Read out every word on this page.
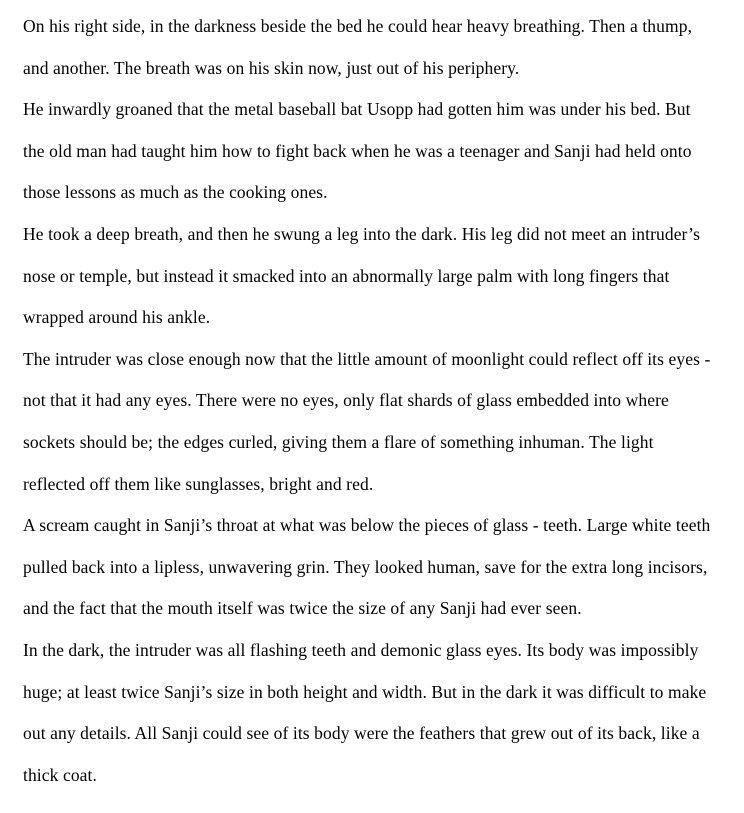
On his right side, in the darkness beside the bed he could hear heavy breathing. Then a thump,
and another. The breath was on his skin now, just out of his periphery.

He inwardly groaned that the metal baseball bat Usopp had gotten him was under his bed. But
the old man had taught him how to fight back when he was a teenager and Sanji had held onto
those lessons as much as the cooking ones.

He took a deep breath, and then he swung a leg into the dark. His leg did not meet an intruder’s
nose or temple, but instead it smacked into an abnormally large palm with long fingers that
wrapped around his ankle.

The intruder was close enough now that the little amount of moonlight could reflect off its eyes -
not that it had any eyes. There were no eyes, only flat shards of glass embedded into where
sockets should be; the edges curled, giving them a flare of something inhuman. The light
reflected off them like sunglasses, bright and red.

A scream caught in Sanji’s throat at what was below the pieces of glass - teeth. Large white teeth
pulled back into a lipless, unwavering grin. They looked human, save for the extra long incisors,
and the fact that the mouth itself was twice the size of any Sanji had ever seen.

In the dark, the intruder was all flashing teeth and demonic glass eyes. Its body was impossibly
huge; at least twice Sanji’s size in both height and width. But in the dark it was difficult to make
out any details. All Sanji could see of its body were the feathers that grew out of its back, like a
thick coat.
